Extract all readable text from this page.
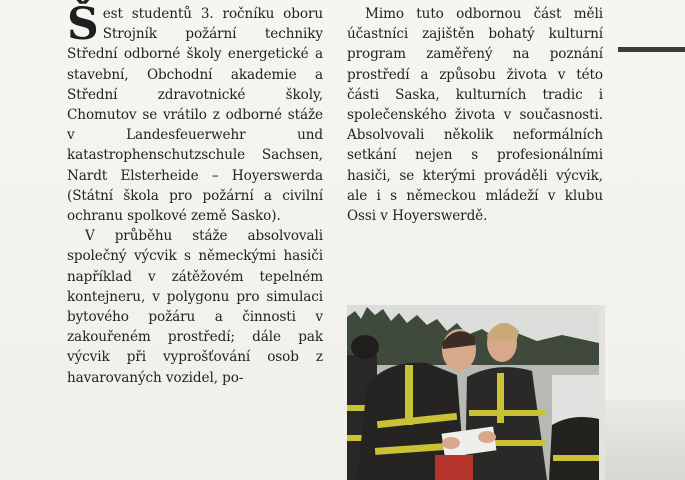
Šest studentů 3. ročníku oboru Strojník požární techniky Střední odborné školy energetické a stavební, Obchodní akademie a Střední zdravotnické školy, Chomutov se vrátilo z odborné stáže v Landesfeuerwehr und katastrophenschutzschule Sachsen, Nardt Elsterheide – Hoyerswerda (Státní škola pro požární a civilní ochranu spolkové země Sasko).

V průběhu stáže absolvovali společný výcvik s německými hasiči například v zátěžovém tepelném kontejneru, v polygonu pro simulaci bytového požáru a činnosti v zakouřeném prostředí; dále pak výcvik při vyprošťování osob z havarovaných vozidel, po-

Mimo tuto odbornou část měli účastníci zajištěn bohatý kulturní program zaměřený na poznání prostředí a způsobu života v této části Saska, kulturních tradic i společenského života v současnosti. Absolvovali několik neformálních setkání nejen s profesionálními hasiči, se kterými prováděli výcvik, ale i s německou mládeží v klubu Ossi v Hoyerswerdě.
